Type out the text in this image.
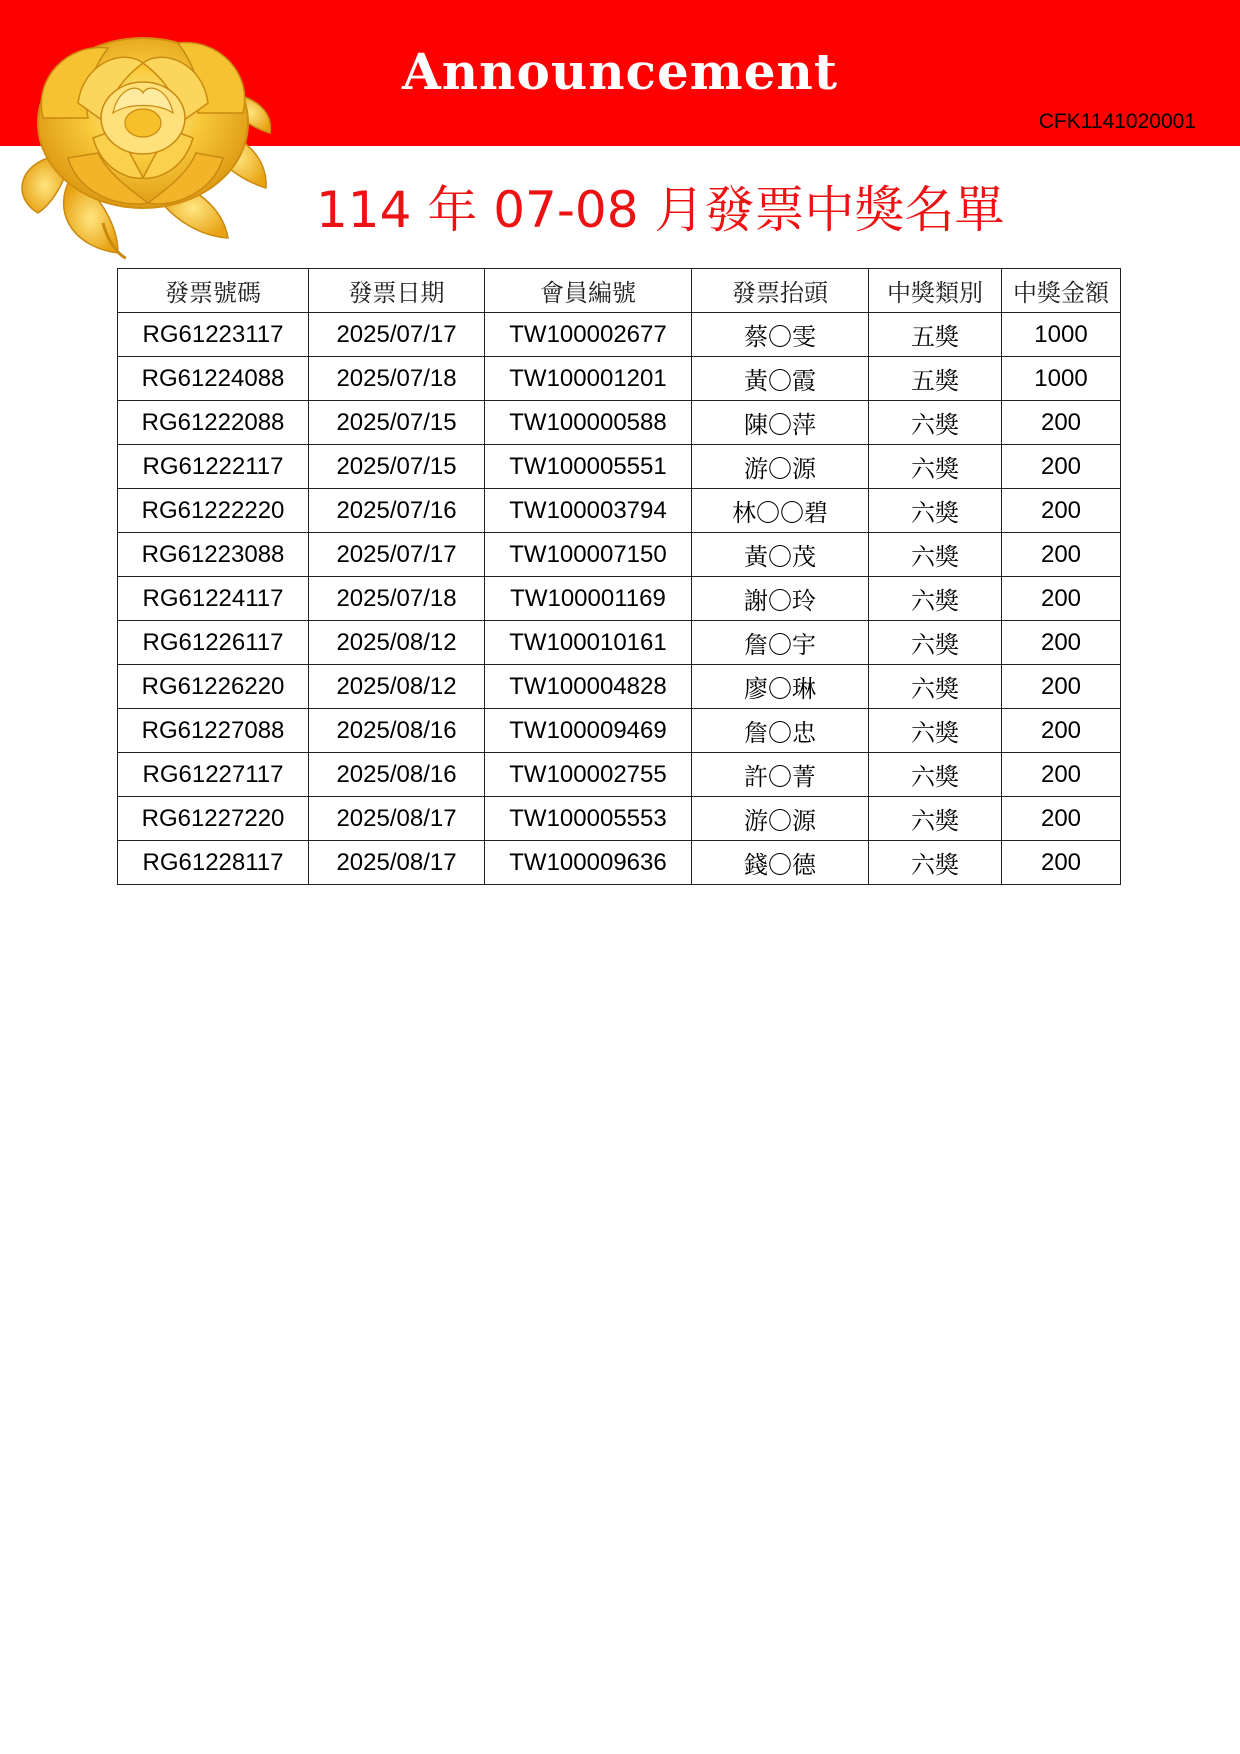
Announcement
CFK1141020001
114 年 07-08 月發票中獎名單
發票號碼	發票日期	會員編號	發票抬頭	中獎類別	中獎金額
RG61223117	2025/07/17	TW100002677	蔡〇雯	五獎	1000
RG61224088	2025/07/18	TW100001201	黃〇霞	五獎	1000
RG61222088	2025/07/15	TW100000588	陳〇萍	六獎	200
RG61222117	2025/07/15	TW100005551	游〇源	六獎	200
RG61222220	2025/07/16	TW100003794	林〇〇碧	六獎	200
RG61223088	2025/07/17	TW100007150	黃〇茂	六獎	200
RG61224117	2025/07/18	TW100001169	謝〇玲	六獎	200
RG61226117	2025/08/12	TW100010161	詹〇宇	六獎	200
RG61226220	2025/08/12	TW100004828	廖〇琳	六獎	200
RG61227088	2025/08/16	TW100009469	詹〇忠	六獎	200
RG61227117	2025/08/16	TW100002755	許〇菁	六獎	200
RG61227220	2025/08/17	TW100005553	游〇源	六獎	200
RG61228117	2025/08/17	TW100009636	錢〇德	六獎	200
